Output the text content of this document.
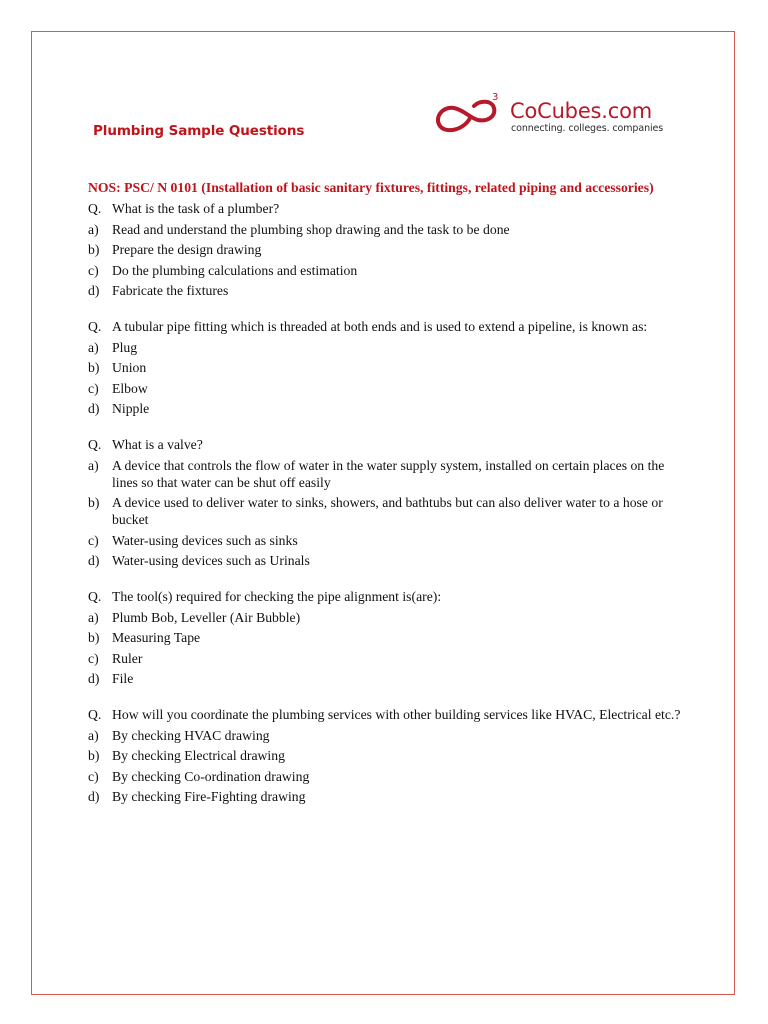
Plumbing Sample Questions
3
CoCubes.com
connecting. colleges. companies
NOS: PSC/ N 0101 (Installation of basic sanitary fixtures, fittings, related piping and accessories)
Q. What is the task of a plumber?
a) Read and understand the plumbing shop drawing and the task to be done
b) Prepare the design drawing
c) Do the plumbing calculations and estimation
d) Fabricate the fixtures
Q. A tubular pipe fitting which is threaded at both ends and is used to extend a pipeline, is known as:
a) Plug
b) Union
c) Elbow
d) Nipple
Q. What is a valve?
a) A device that controls the flow of water in the water supply system, installed on certain places on the lines so that water can be shut off easily
b) A device used to deliver water to sinks, showers, and bathtubs but can also deliver water to a hose or bucket
c) Water-using devices such as sinks
d) Water-using devices such as Urinals
Q. The tool(s) required for checking the pipe alignment is(are):
a) Plumb Bob, Leveller (Air Bubble)
b) Measuring Tape
c) Ruler
d) File
Q. How will you coordinate the plumbing services with other building services like HVAC, Electrical etc.?
a) By checking HVAC drawing
b) By checking Electrical drawing
c) By checking Co-ordination drawing
d) By checking Fire-Fighting drawing
